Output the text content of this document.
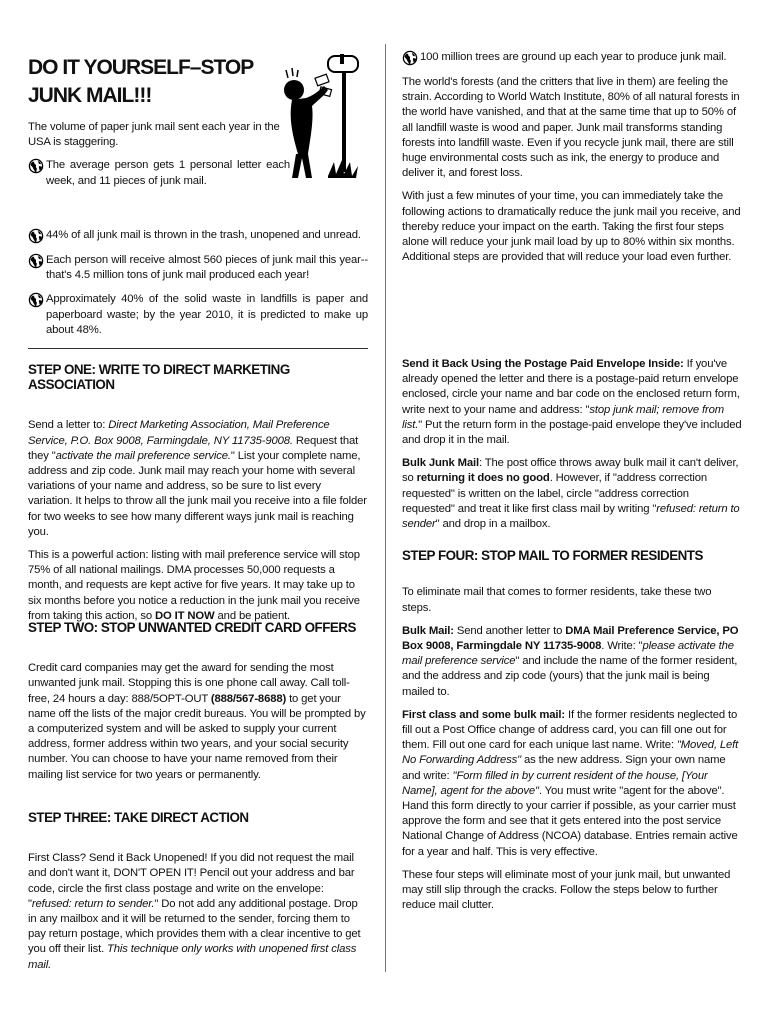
DO IT YOURSELF–STOP JUNK MAIL!!!

The volume of paper junk mail sent each year in the USA is staggering.

The average person gets 1 personal letter each week, and 11 pieces of junk mail.
44% of all junk mail is thrown in the trash, unopened and unread.
Each person will receive almost 560 pieces of junk mail this year--that's 4.5 million tons of junk mail produced each year!
Approximately 40% of the solid waste in landfills is paper and paperboard waste; by the year 2010, it is predicted to make up about 48%.
STEP ONE: WRITE TO DIRECT MARKETING ASSOCIATION

Send a letter to: Direct Marketing Association, Mail Preference Service, P.O. Box 9008, Farmingdale, NY 11735-9008. Request that they "activate the mail preference service." List your complete name, address and zip code. Junk mail may reach your home with several variations of your name and address, so be sure to list every variation. It helps to throw all the junk mail you receive into a file folder for two weeks to see how many different ways junk mail is reaching you.

This is a powerful action: listing with mail preference service will stop 75% of all national mailings. DMA processes 50,000 requests a month, and requests are kept active for five years. It may take up to six months before you notice a reduction in the junk mail you receive from taking this action, so DO IT NOW and be patient.

STEP TWO: STOP UNWANTED CREDIT CARD OFFERS

Credit card companies may get the award for sending the most unwanted junk mail. Stopping this is one phone call away. Call toll-free, 24 hours a day: 888/5OPT-OUT (888/567-8688) to get your name off the lists of the major credit bureaus. You will be prompted by a computerized system and will be asked to supply your current address, former address within two years, and your social security number. You can choose to have your name removed from their mailing list service for two years or permanently.

STEP THREE: TAKE DIRECT ACTION

First Class? Send it Back Unopened! If you did not request the mail and don't want it, DON'T OPEN IT! Pencil out your address and bar code, circle the first class postage and write on the envelope: "refused: return to sender." Do not add any additional postage. Drop in any mailbox and it will be returned to the sender, forcing them to pay return postage, which provides them with a clear incentive to get you off their list. This technique only works with unopened first class mail.

100 million trees are ground up each year to produce junk mail.

The world's forests (and the critters that live in them) are feeling the strain. According to World Watch Institute, 80% of all natural forests in the world have vanished, and that at the same time that up to 50% of all landfill waste is wood and paper. Junk mail transforms standing forests into landfill waste. Even if you recycle junk mail, there are still huge environmental costs such as ink, the energy to produce and deliver it, and forest loss.

With just a few minutes of your time, you can immediately take the following actions to dramatically reduce the junk mail you receive, and thereby reduce your impact on the earth. Taking the first four steps alone will reduce your junk mail load by up to 80% within six months. Additional steps are provided that will reduce your load even further.

Send it Back Using the Postage Paid Envelope Inside: If you've already opened the letter and there is a postage-paid return envelope enclosed, circle your name and bar code on the enclosed return form, write next to your name and address: "stop junk mail; remove from list." Put the return form in the postage-paid envelope they've included and drop it in the mail.

Bulk Junk Mail: The post office throws away bulk mail it can't deliver, so returning it does no good. However, if "address correction requested" is written on the label, circle "address correction requested" and treat it like first class mail by writing "refused: return to sender" and drop in a mailbox.

STEP FOUR: STOP MAIL TO FORMER RESIDENTS

To eliminate mail that comes to former residents, take these two steps.

Bulk Mail: Send another letter to DMA Mail Preference Service, PO Box 9008, Farmingdale NY 11735-9008. Write: "please activate the mail preference service" and include the name of the former resident, and the address and zip code (yours) that the junk mail is being mailed to.

First class and some bulk mail: If the former residents neglected to fill out a Post Office change of address card, you can fill one out for them. Fill out one card for each unique last name. Write: "Moved, Left No Forwarding Address" as the new address. Sign your own name and write: "Form filled in by current resident of the house, [Your Name], agent for the above". You must write "agent for the above". Hand this form directly to your carrier if possible, as your carrier must approve the form and see that it gets entered into the post service National Change of Address (NCOA) database. Entries remain active for a year and half. This is very effective.

These four steps will eliminate most of your junk mail, but unwanted may still slip through the cracks. Follow the steps below to further reduce mail clutter.
